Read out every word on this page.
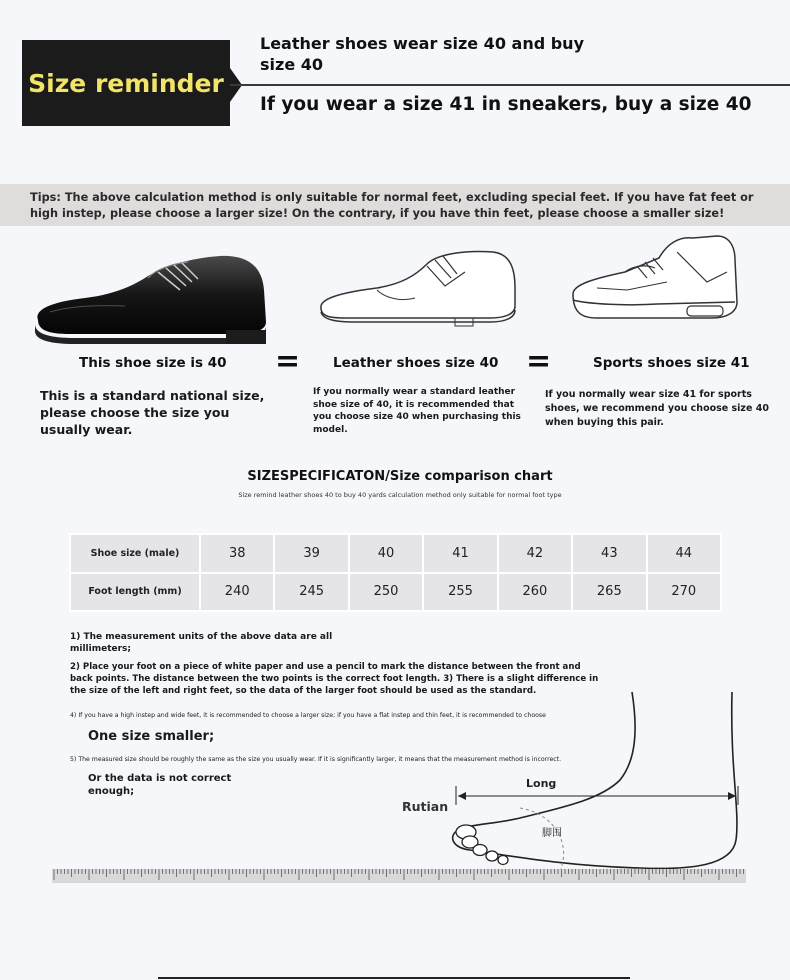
Size reminder
Leather shoes wear size 40 and buy size 40
If you wear a size 41 in sneakers, buy a size 40
Tips: The above calculation method is only suitable for normal feet, excluding special feet. If you have fat feet or high instep, please choose a larger size! On the contrary, if you have thin feet, please choose a smaller size!
This shoe size is 40 = Leather shoes size 40 =	Sports shoes size 41
This is a standard national size, please choose the size you usually wear.
If you normally wear a standard leather shoe size of 40, it is recommended that you choose size 40 when purchasing this model.
If you normally wear size 41 for sports shoes, we recommend you choose size 40 when buying this pair.
SIZESPECIFICATON/Size comparison chart
Size remind leather shoes 40 to buy 40 yards calculation method only suitable for normal foot type
Shoe size (male)	38	39	40	41	42	43	44
Foot length (mm)	240	245	250	255	260	265	270
1) The measurement units of the above data are all millimeters;
2) Place your foot on a piece of white paper and use a pencil to mark the distance between the front and back points. The distance between the two points is the correct foot length. 3) There is a slight difference in the size of the left and right feet, so the data of the larger foot should be used as the standard.
4) If you have a high instep and wide feet, it is recommended to choose a larger size; if you have a flat instep and thin feet, it is recommended to choose
One size smaller;
5) The measured size should be roughly the same as the size you usually wear. If it is significantly larger, it means that the measurement method is incorrect.
Or the data is not correct enough;
Long
脚围
Rutian
